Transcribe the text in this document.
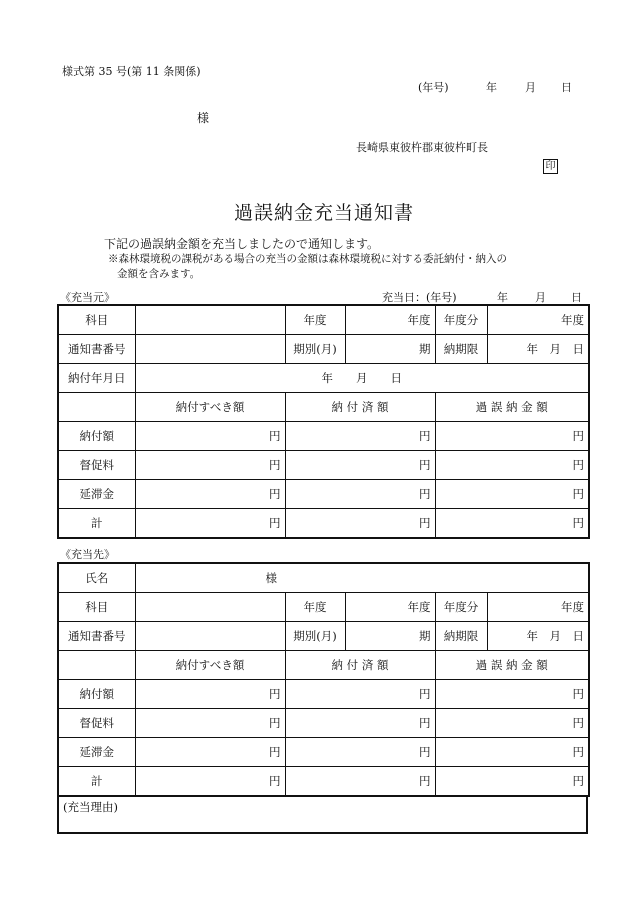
様式第 35 号(第 11 条関係)
(年号)	年	月 日
様
長崎県東彼杵郡東彼杵町長
印
過誤納金充当通知書
下記の過誤納金額を充当しましたので通知します。
※森林環境税の課税がある場合の充当の金額は森林環境税に対する委託納付・納入の
金額を含みます。
《充当元》	充当日：(年号)	年 月 日
科目		年度	年度	年度分	年度
通知書番号		期別(月)	期	納期限	年　月　日
納付年月日	年　　月　　日				
	納付すべき額	納 付 済 額		過 誤 納 金 額	
納付額	円	円		円	
督促料	円	円		円	
延滞金	円	円		円	
計	円	円		円	
《充当先》
氏名	様				
科目		年度	年度	年度分	年度
通知書番号		期別(月)	期	納期限	年　月　日
	納付すべき額	納 付 済 額		過 誤 納 金 額	
納付額	円	円		円	
督促料	円	円		円	
延滞金	円	円		円	
計	円	円		円	
(充当理由)
